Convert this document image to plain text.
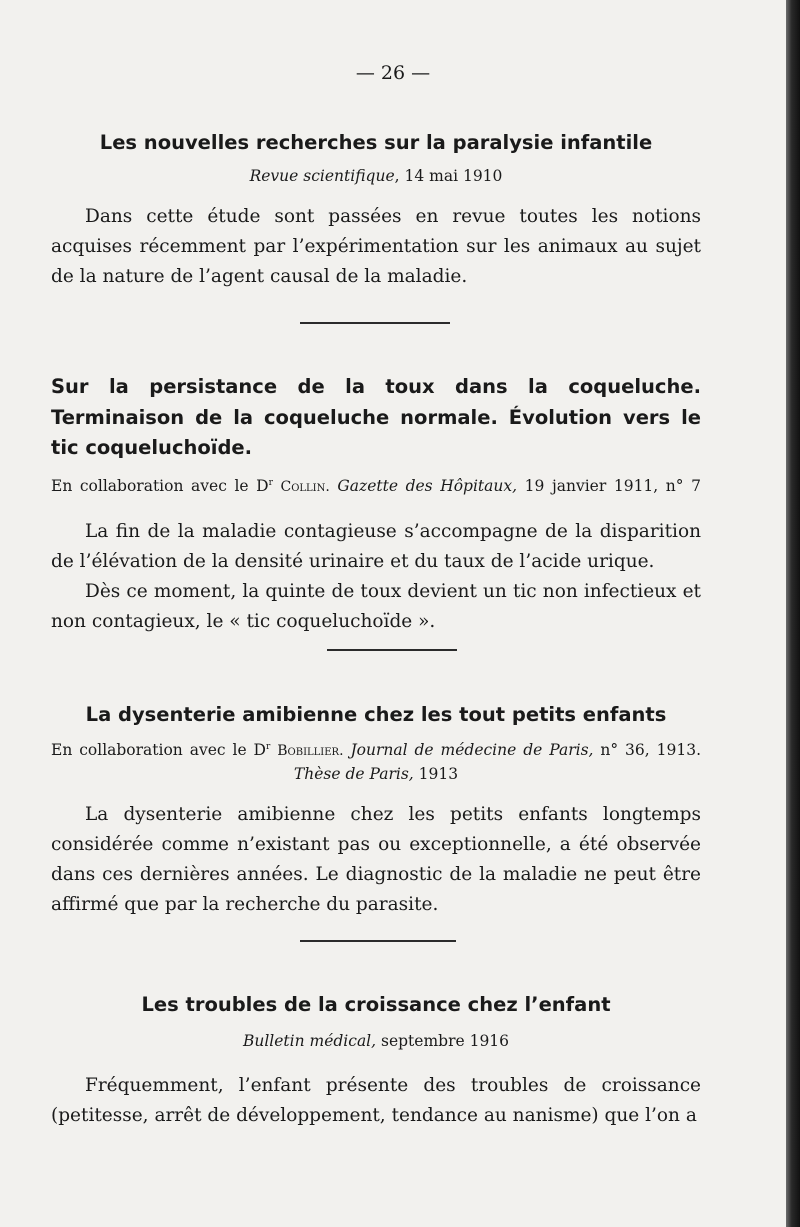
— 26 —

Les nouvelles recherches sur la paralysie infantile

Revue scientifique, 14 mai 1910

Dans cette étude sont passées en revue toutes les notions acquises récemment par l’expérimentation sur les animaux au sujet de la nature de l’agent causal de la maladie.

Sur la persistance de la toux dans la coqueluche. Terminaison de la coqueluche normale. Évolution vers le tic coqueluchoïde.

En collaboration avec le $D^r$ Collin. Gazette des Hôpitaux, 19 janvier 1911, n° 7

La fin de la maladie contagieuse s’accompagne de la disparition de l’élévation de la densité urinaire et du taux de l’acide urique.

Dès ce moment, la quinte de toux devient un tic non infectieux et non contagieux, le « tic coqueluchoïde ».

La dysenterie amibienne chez les tout petits enfants

En collaboration avec le $D^r$ Bobillier. Journal de médecine de Paris, n° 36, 1913.

Thèse de Paris, 1913

La dysenterie amibienne chez les petits enfants longtemps considérée comme n’existant pas ou exceptionnelle, a été observée dans ces dernières années. Le diagnostic de la maladie ne peut être affirmé que par la recherche du parasite.

Les troubles de la croissance chez l’enfant

Bulletin médical, septembre 1916

Fréquemment, l’enfant présente des troubles de croissance (petitesse, arrêt de développement, tendance au nanisme) que l’on a
